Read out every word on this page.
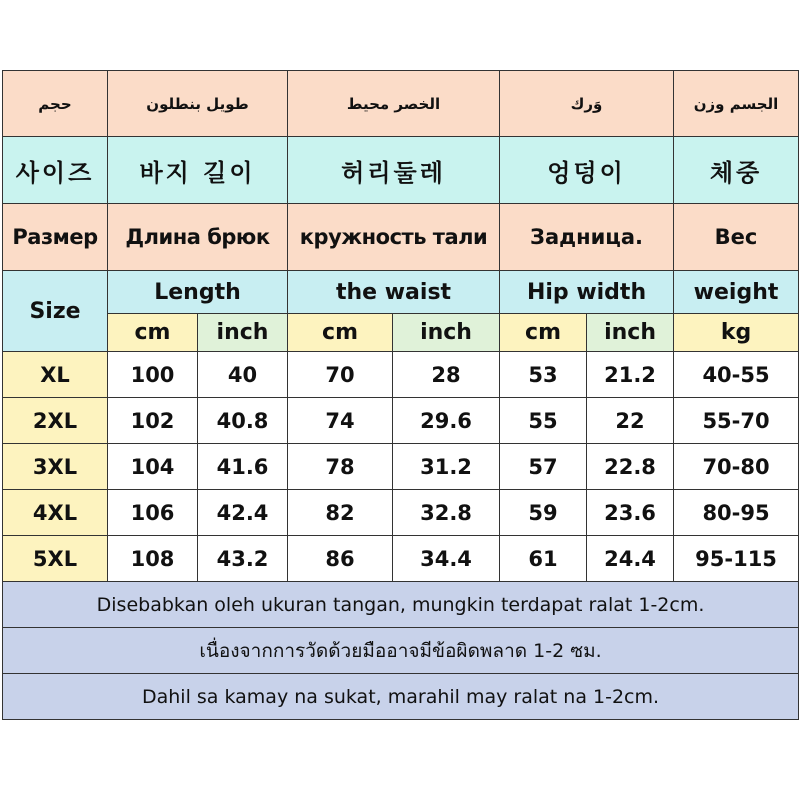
حجم	طويل بنطلون		الخصر محيط		وَرك		الجسم وزن
사이즈	바지 길이		허리둘레		엉덩이		체중
Размер	Длина брюк		кружность тали		Задница.		Вес
Size	Length		the waist		Hip width		weight
	cm	inch	cm	inch	cm	inch	kg
XL	100	40	70	28	53	21.2	40-55
2XL	102	40.8	74	29.6	55	22	55-70
3XL	104	41.6	78	31.2	57	22.8	70-80
4XL	106	42.4	82	32.8	59	23.6	80-95
5XL	108	43.2	86	34.4	61	24.4	95-115
Disebabkan oleh ukuran tangan, mungkin terdapat ralat 1-2cm.							
เนื่องจากการวัดด้วยมืออาจมีข้อผิดพลาด 1-2 ซม.							
Dahil sa kamay na sukat, marahil may ralat na 1-2cm.							
